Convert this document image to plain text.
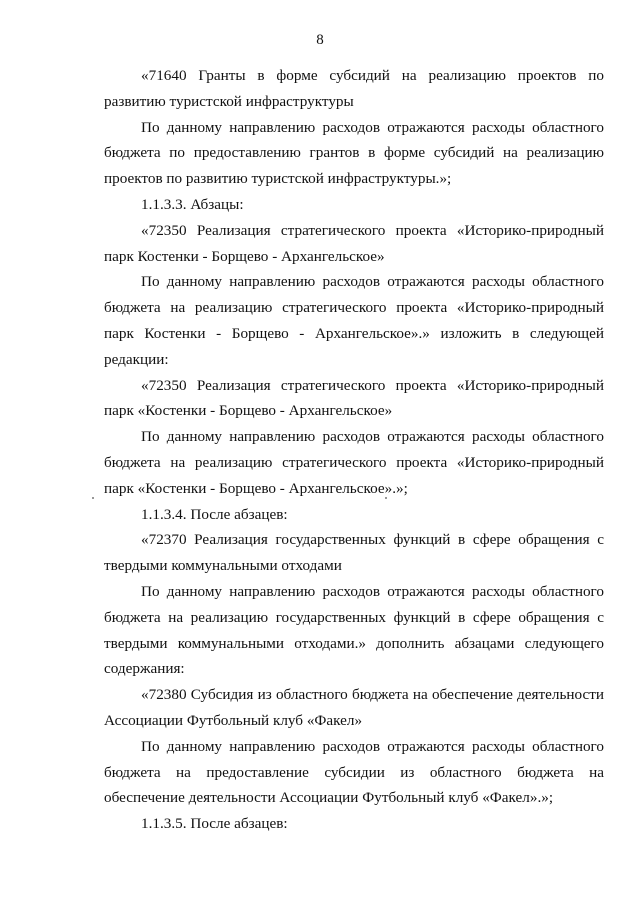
8

«71640 Гранты в форме субсидий на реализацию проектов по развитию туристской инфраструктуры

По данному направлению расходов отражаются расходы областного бюджета по предоставлению грантов в форме субсидий на реализацию проектов по развитию туристской инфраструктуры.»;

1.1.3.3. Абзацы:

«72350 Реализация стратегического проекта «Историко-природный парк Костенки - Борщево - Архангельское»

По данному направлению расходов отражаются расходы областного бюджета на реализацию стратегического проекта «Историко-природный парк Костенки - Борщево - Архангельское».» изложить в следующей редакции:

«72350 Реализация стратегического проекта «Историко-природный парк «Костенки - Борщево - Архангельское»

По данному направлению расходов отражаются расходы областного бюджета на реализацию стратегического проекта «Историко-природный парк «Костенки - Борщево - Архангельское».»;

1.1.3.4. После абзацев:

«72370 Реализация государственных функций в сфере обращения с твердыми коммунальными отходами

По данному направлению расходов отражаются расходы областного бюджета на реализацию государственных функций в сфере обращения с твердыми коммунальными отходами.» дополнить абзацами следующего содержания:

«72380 Субсидия из областного бюджета на обеспечение деятельности Ассоциации Футбольный клуб «Факел»

По данному направлению расходов отражаются расходы областного бюджета на предоставление субсидии из областного бюджета на обеспечение деятельности Ассоциации Футбольный клуб «Факел».»;

1.1.3.5. После абзацев:
